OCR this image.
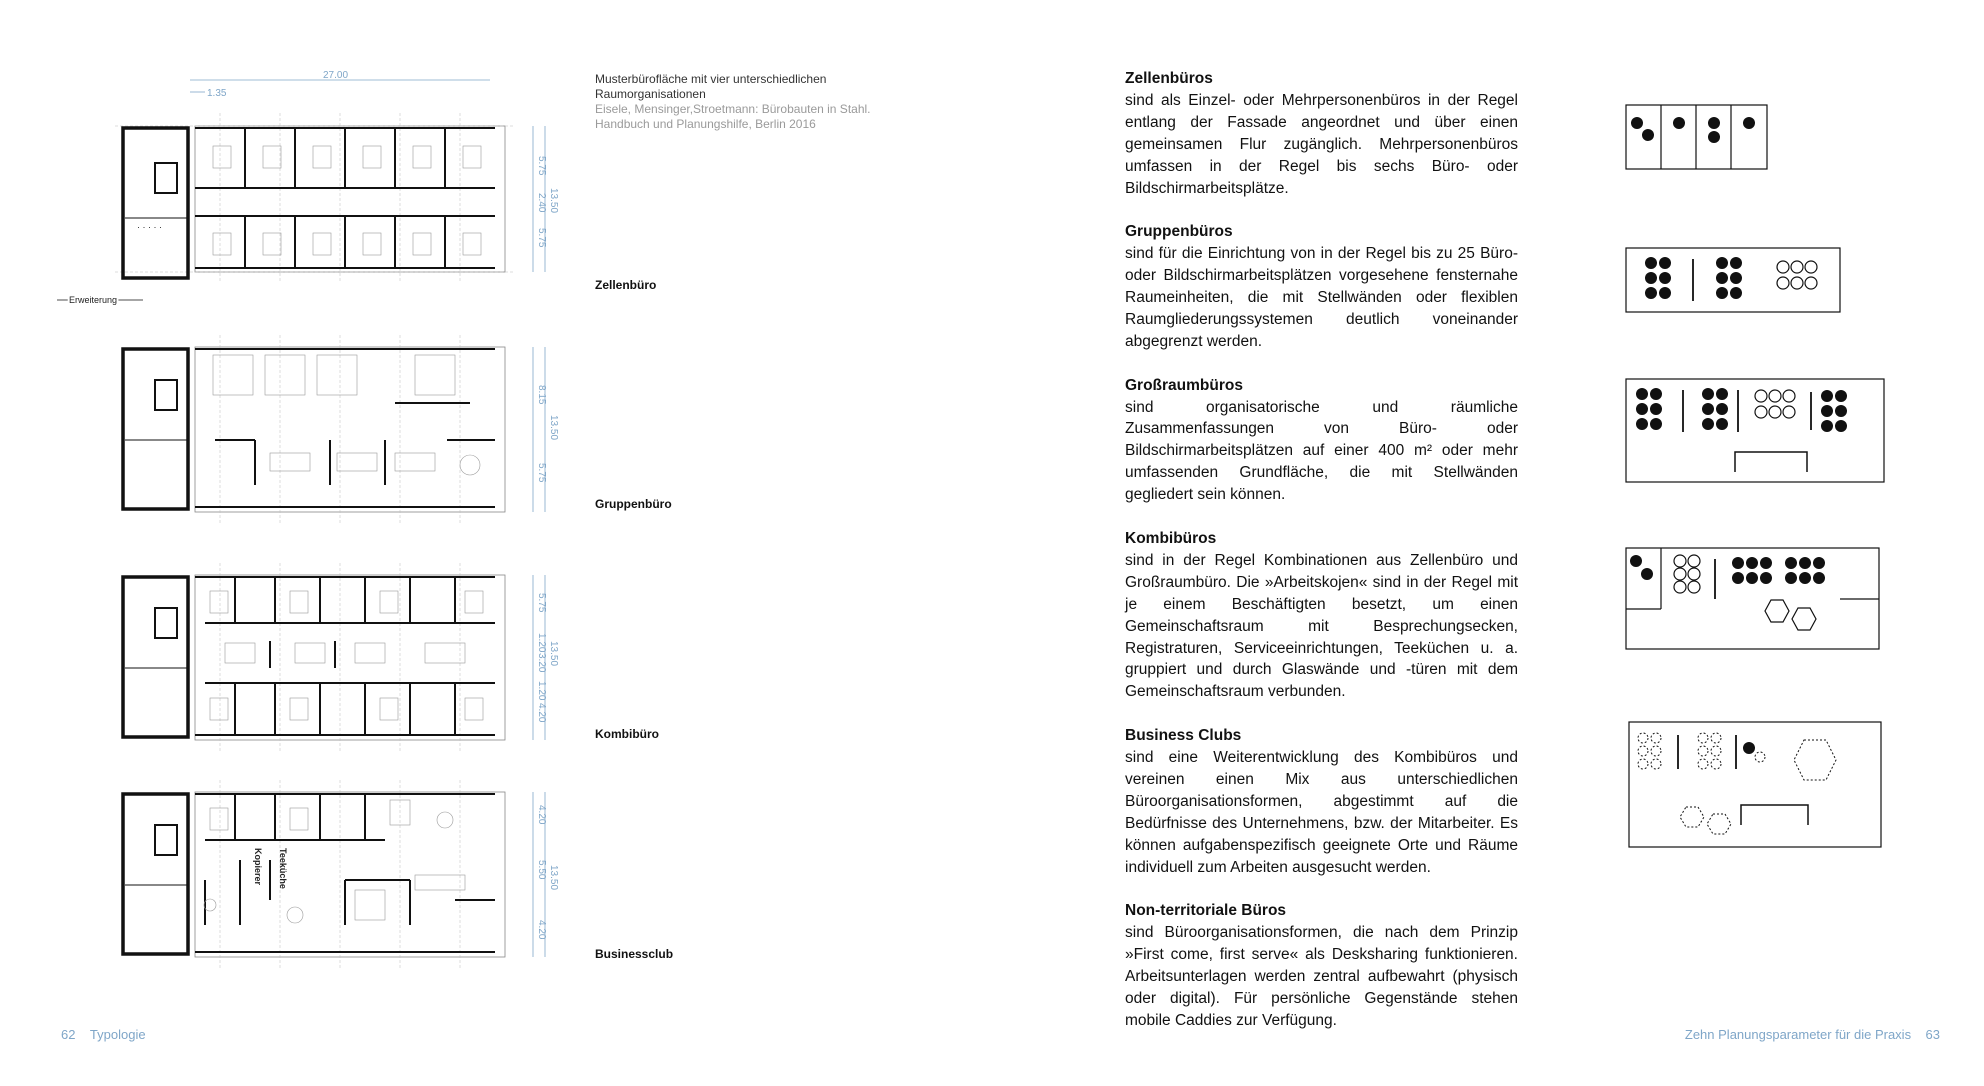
Musterbürofläche mit vier unterschiedlichen Raumorganisationen
Eisele, Mensinger,Stroetmann: Bürobauten in Stahl. Handbuch und Planungshilfe, Berlin 2016
27.00
1.35
· · · · ·
5.75
2.40
5.75
13.50
Erweiterung
Zellenbüro
8.15
5.75
13.50
Gruppenbüro
5.75
1.20
3.20
1.20
4.20
13.50
Kombibüro
Kopierer Teeküche
4.20
5.50
4.20
13.50
Businessclub
62 Typologie
Zellenbüros

sind als Einzel- oder Mehrpersonenbüros in der Regel entlang der Fassade angeordnet und über einen gemeinsamen Flur zugänglich. Mehrpersonenbüros umfassen in der Regel bis sechs Büro- oder Bildschirmarbeitsplätze.

Gruppenbüros

sind für die Einrichtung von in der Regel bis zu 25 Büro- oder Bildschirmarbeitsplätzen vorgesehene fensternahe Raumeinheiten, die mit Stellwänden oder flexiblen Raumgliederungssystemen deutlich voneinander abgegrenzt werden.

Großraumbüros

sind organisatorische und räumliche Zusammenfassungen von Büro- oder Bildschirmarbeitsplätzen auf einer 400 m² oder mehr umfassenden Grundfläche, die mit Stellwänden gegliedert sein können.

Kombibüros

sind in der Regel Kombinationen aus Zellenbüro und Großraumbüro. Die »Arbeitskojen« sind in der Regel mit je einem Beschäftigten besetzt, um einen Gemeinschaftsraum mit Besprechungsecken, Registraturen, Serviceeinrichtungen, Teeküchen u. a. gruppiert und durch Glaswände und -türen mit dem Gemeinschaftsraum verbunden.

Business Clubs

sind eine Weiterentwicklung des Kombibüros und vereinen einen Mix aus unterschiedlichen Büroorganisationsformen, abgestimmt auf die Bedürfnisse des Unternehmens, bzw. der Mitarbeiter. Es können aufgabenspezifisch geeignete Orte und Räume individuell zum Arbeiten ausgesucht werden.

Non-territoriale Büros

sind Büroorganisationsformen, die nach dem Prinzip »First come, first serve« als Desksharing funktionieren. Arbeitsunterlagen werden zentral aufbewahrt (physisch oder digital). Für persönliche Gegenstände stehen mobile Caddies zur Verfügung.

Zehn Planungsparameter für die Praxis 63
